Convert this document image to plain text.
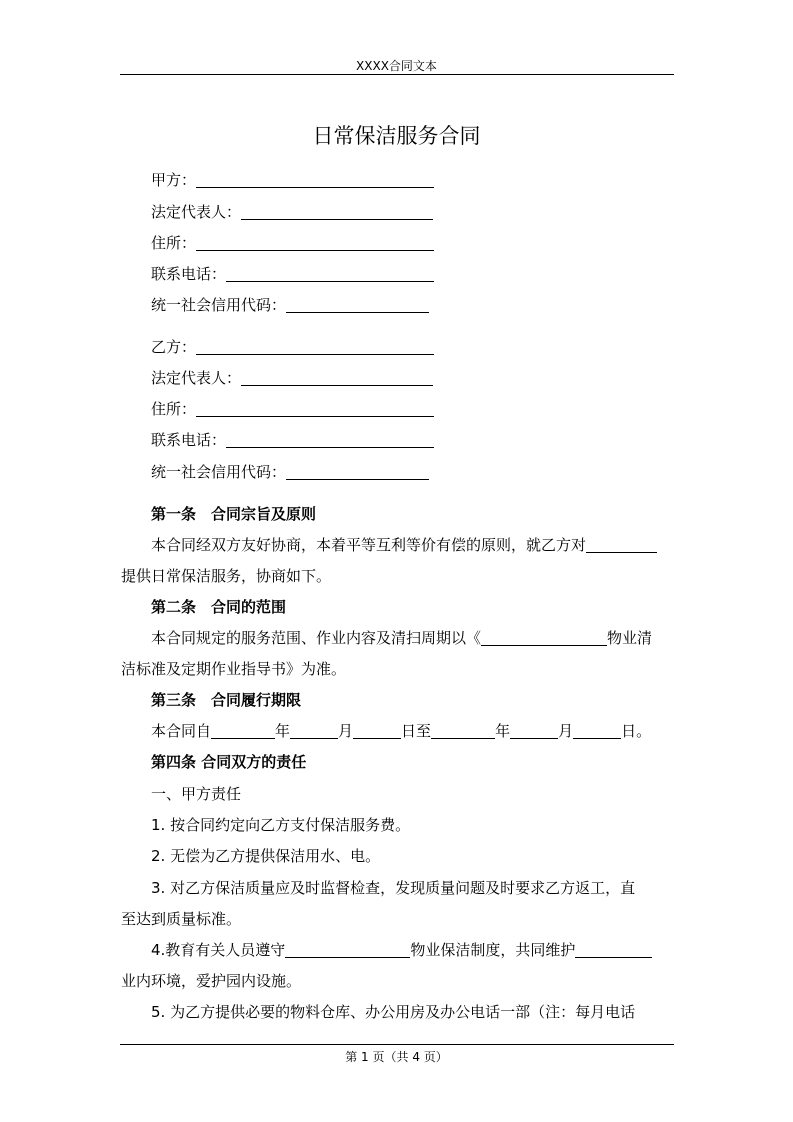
XXXX合同文本
日常保洁服务合同
甲方：
法定代表人：
住所：
联系电话：
统一社会信用代码：
乙方：
法定代表人：
住所：
联系电话：
统一社会信用代码：
第一条　合同宗旨及原则
本合同经双方友好协商，本着平等互利等价有偿的原则，就乙方对
提供日常保洁服务，协商如下。
第二条　合同的范围
本合同规定的服务范围、作业内容及清扫周期以《	物业清
洁标准及定期作业指导书》为准。
第三条　合同履行期限
本合同自	年	月	日至	年	月	日。
第四条 合同双方的责任
一、甲方责任
1. 按合同约定向乙方支付保洁服务费。
2. 无偿为乙方提供保洁用水、电。
3. 对乙方保洁质量应及时监督检查，发现质量问题及时要求乙方返工，直
至达到质量标准。
4.教育有关人员遵守	物业保洁制度，共同维护
业内环境，爱护园内设施。
5. 为乙方提供必要的物料仓库、办公用房及办公电话一部（注：每月电话
第 1 页（共 4 页）
